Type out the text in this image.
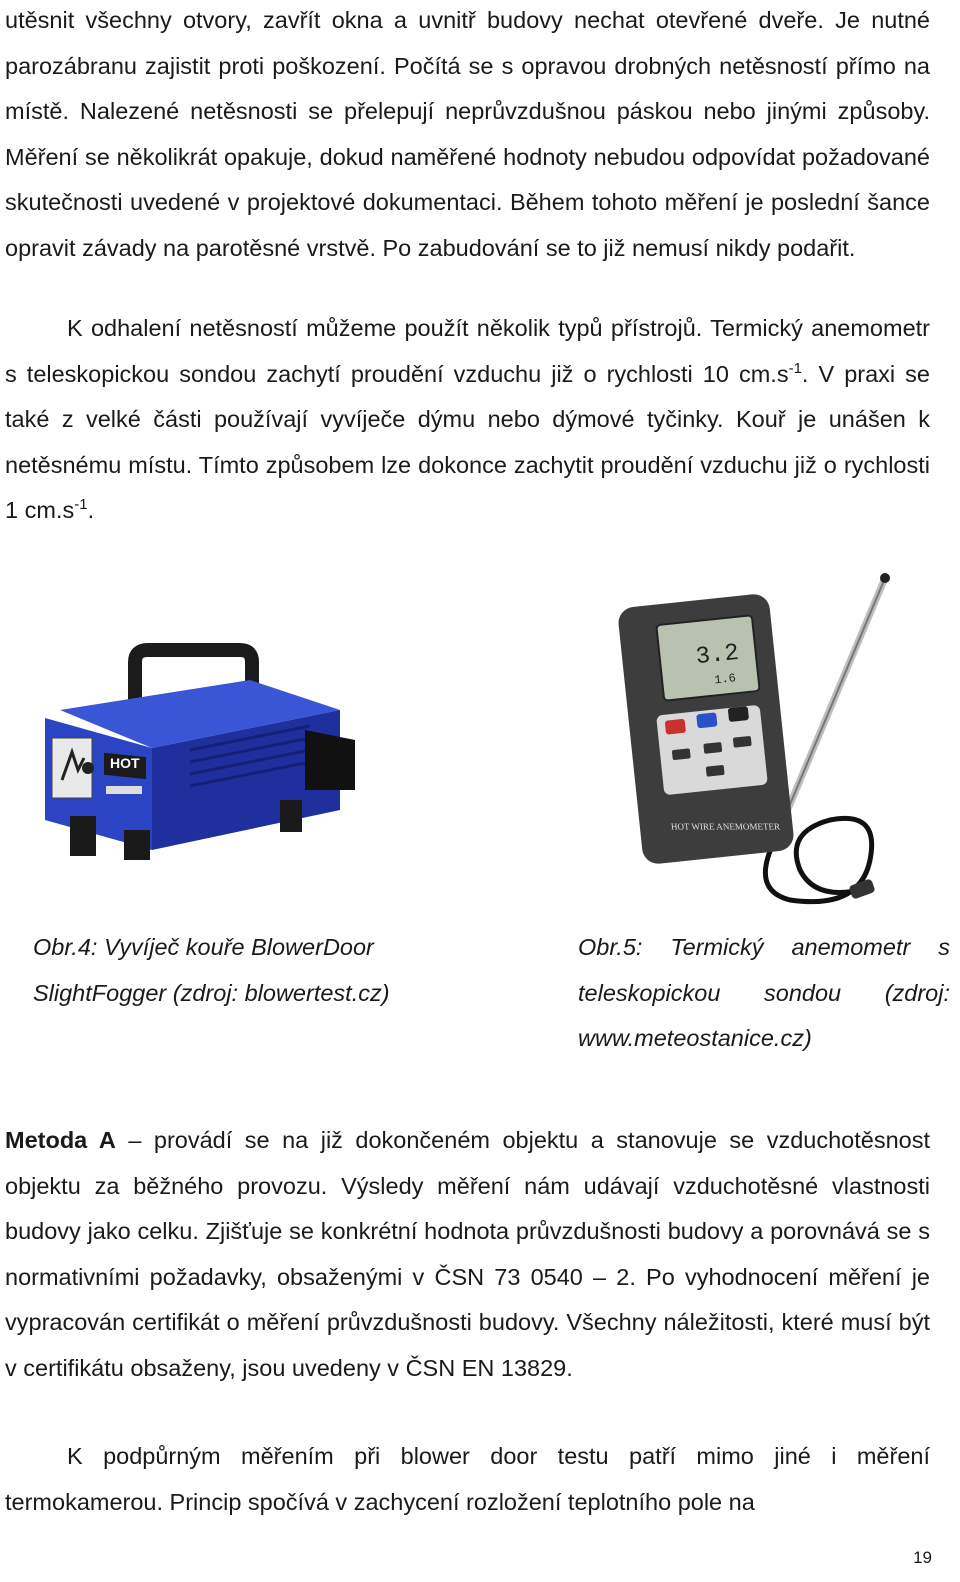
utěsnit všechny otvory, zavřít okna a uvnitř budovy nechat otevřené dveře. Je nutné parozábranu zajistit proti poškození. Počítá se s opravou drobných netěsností přímo na místě. Nalezené netěsnosti se přelepují neprůvzdušnou páskou nebo jinými způsoby. Měření se několikrát opakuje, dokud naměřené hodnoty nebudou odpovídat požadované skutečnosti uvedené v projektové dokumentaci. Během tohoto měření je poslední šance opravit závady na parotěsné vrstvě. Po zabudování se to již nemusí nikdy podařit.

K odhalení netěsností můžeme použít několik typů přístrojů. Termický anemometr s teleskopickou sondou zachytí proudění vzduchu již o rychlosti 10 $cm.s^{-1}$. V praxi se také z velké části používají vyvíječe dýmu nebo dýmové tyčinky. Kouř je unášen k netěsnému místu. Tímto způsobem lze dokonce zachytit proudění vzduchu již o rychlosti 1 $cm.s^{-1}$.

HOT
3.2
1.6
HOT WIRE ANEMOMETER

Obr.4: Vyvíječ kouře BlowerDoor
SlightFogger (zdroj: blowertest.cz)

Obr.5: Termický anemometr s teleskopickou sondou (zdroj: www.meteostanice.cz)

Metoda A – provádí se na již dokončeném objektu a stanovuje se vzduchotěsnost objektu za běžného provozu. Výsledy měření nám udávají vzduchotěsné vlastnosti budovy jako celku. Zjišťuje se konkrétní hodnota průvzdušnosti budovy a porovnává se s normativními požadavky, obsaženými v ČSN 73 0540 – 2. Po vyhodnocení měření je vypracován certifikát o měření průvzdušnosti budovy. Všechny náležitosti, které musí být v certifikátu obsaženy, jsou uvedeny v ČSN EN 13829.

K podpůrným měřením při blower door testu patří mimo jiné i měření termokamerou. Princip spočívá v zachycení rozložení teplotního pole na

19
